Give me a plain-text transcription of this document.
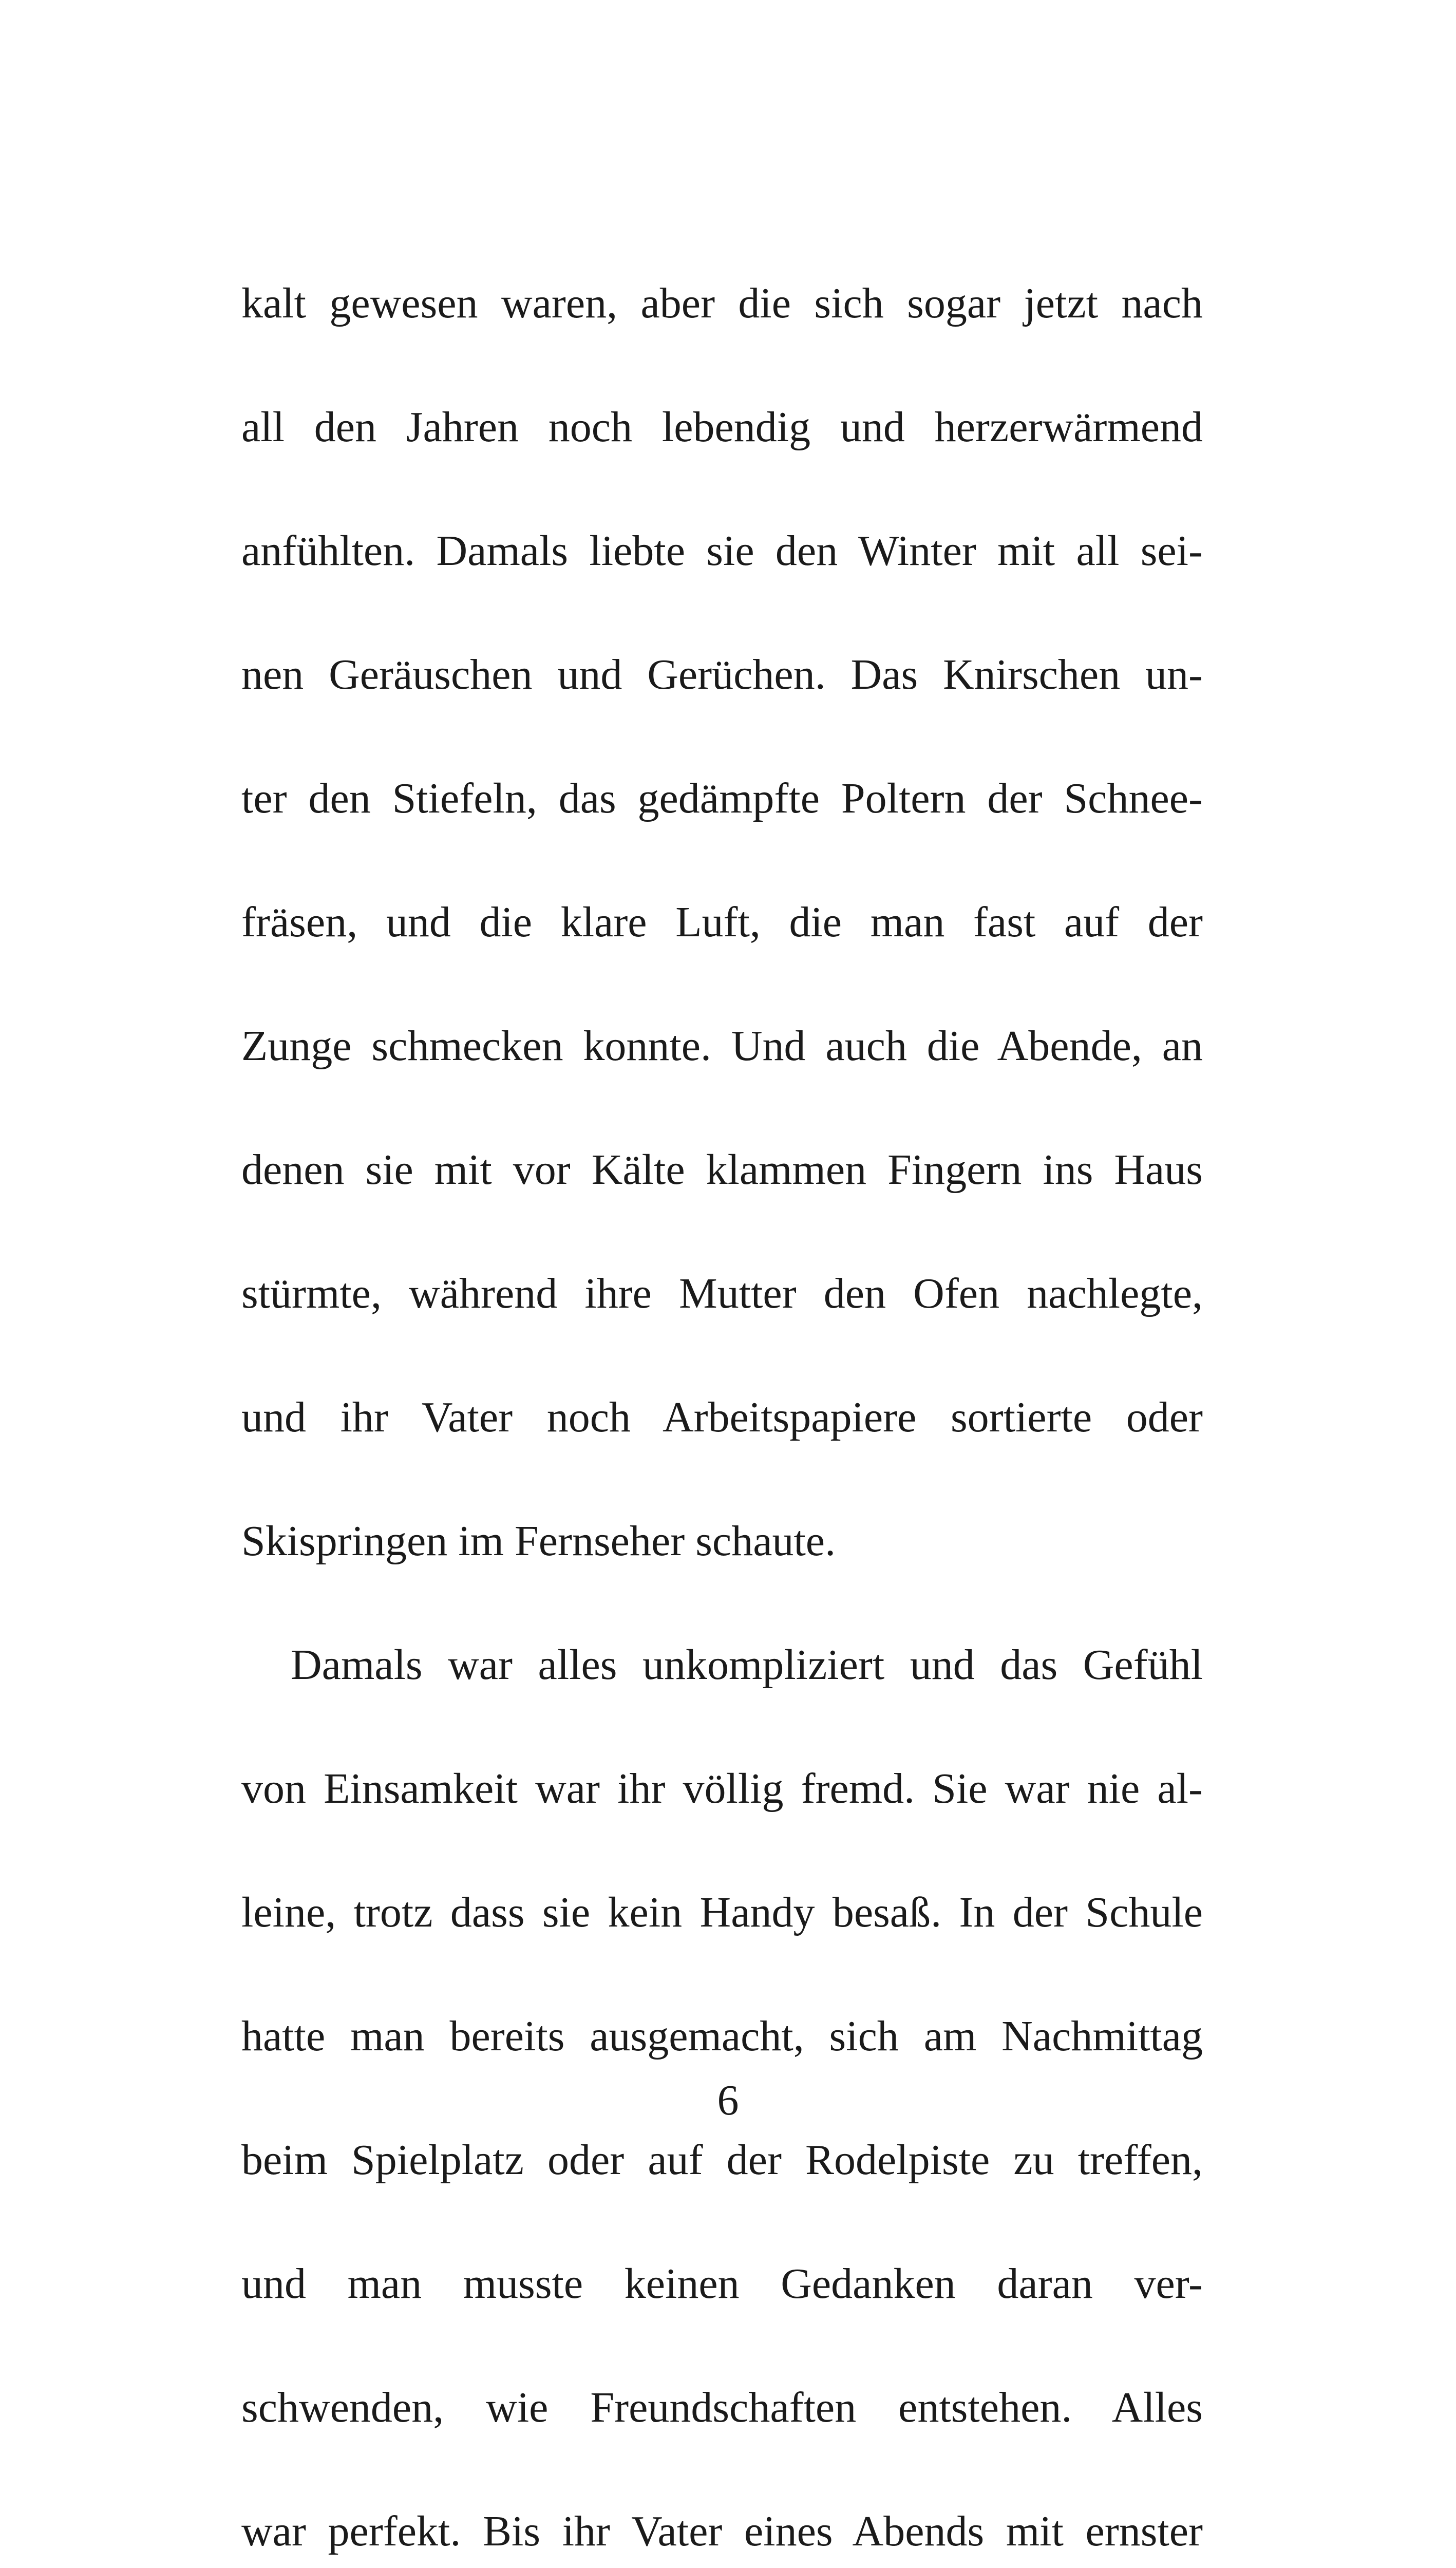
kalt gewesen waren, aber die sich sogar jetzt nach
all den Jahren noch lebendig und herzerwärmend
anfühlten. Damals liebte sie den Winter mit all sei-
nen Geräuschen und Gerüchen. Das Knirschen un-
ter den Stiefeln, das gedämpfte Poltern der Schnee-
fräsen, und die klare Luft, die man fast auf der
Zunge schmecken konnte. Und auch die Abende, an
denen sie mit vor Kälte klammen Fingern ins Haus
stürmte, während ihre Mutter den Ofen nachlegte,
und ihr Vater noch Arbeitspapiere sortierte oder
Skispringen im Fernseher schaute.
Damals war alles unkompliziert und das Gefühl
von Einsamkeit war ihr völlig fremd. Sie war nie al-
leine, trotz dass sie kein Handy besaß. In der Schule
hatte man bereits ausgemacht, sich am Nachmittag
beim Spielplatz oder auf der Rodelpiste zu treffen,
und man musste keinen Gedanken daran ver-
schwenden, wie Freundschaften entstehen. Alles
war perfekt. Bis ihr Vater eines Abends mit ernster
6
